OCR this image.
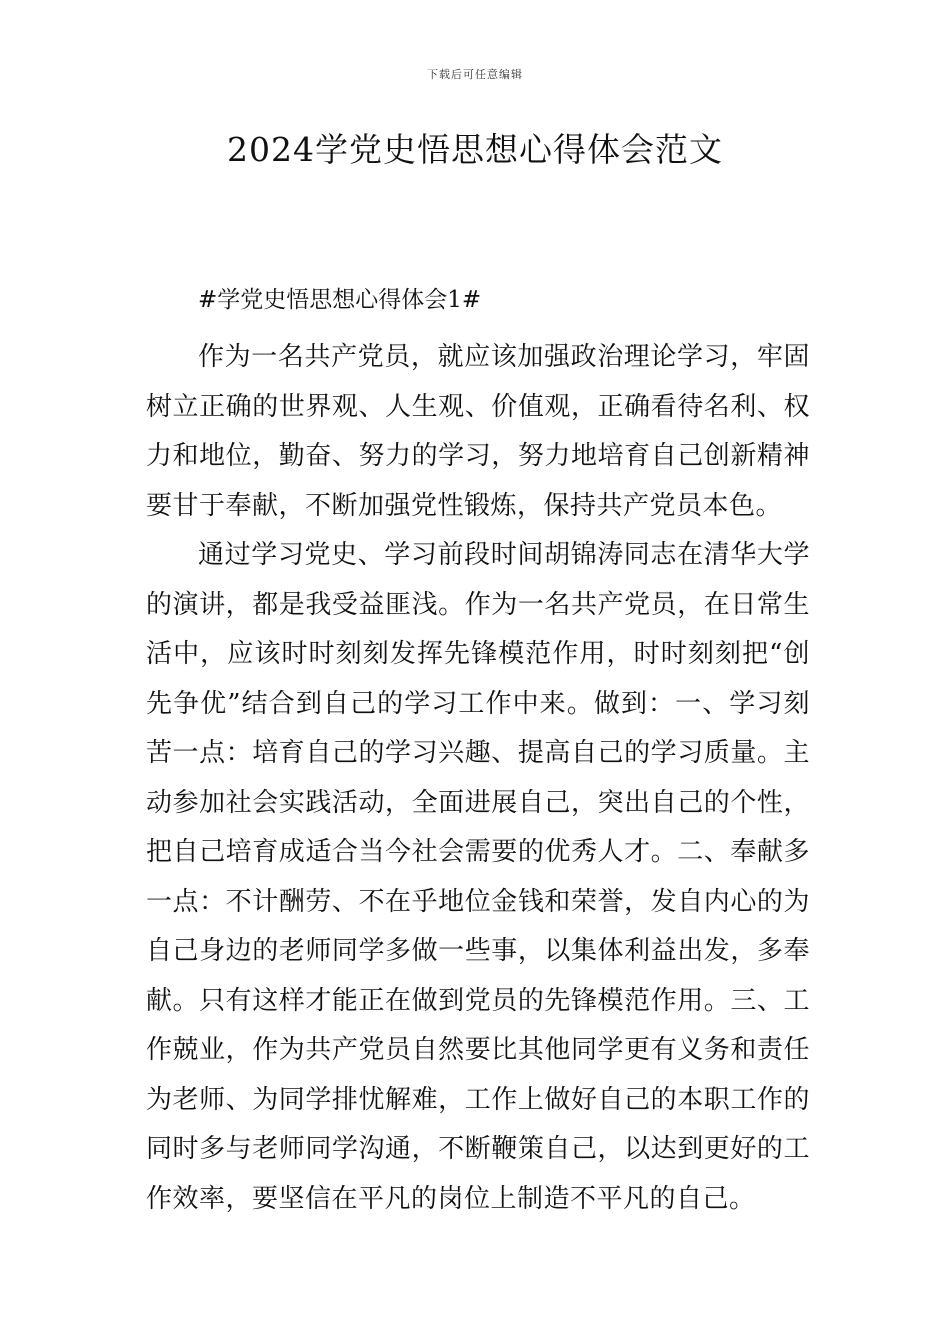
下载后可任意编辑
2024学党史悟思想心得体会范文
#学党史悟思想心得体会1#
作为一名共产党员，就应该加强政治理论学习，牢固
树立正确的世界观、人生观、价值观，正确看待名利、权
力和地位，勤奋、努力的学习，努力地培育自己创新精神
要甘于奉献，不断加强党性锻炼，保持共产党员本色。
通过学习党史、学习前段时间胡锦涛同志在清华大学
的演讲，都是我受益匪浅。作为一名共产党员，在日常生
活中，应该时时刻刻发挥先锋模范作用，时时刻刻把“创
先争优”结合到自己的学习工作中来。做到：一、学习刻
苦一点：培育自己的学习兴趣、提高自己的学习质量。主
动参加社会实践活动，全面进展自己，突出自己的个性，
把自己培育成适合当今社会需要的优秀人才。二、奉献多
一点：不计酬劳、不在乎地位金钱和荣誉，发自内心的为
自己身边的老师同学多做一些事，以集体利益出发，多奉
献。只有这样才能正在做到党员的先锋模范作用。三、工
作兢业，作为共产党员自然要比其他同学更有义务和责任
为老师、为同学排忧解难，工作上做好自己的本职工作的
同时多与老师同学沟通，不断鞭策自己，以达到更好的工
作效率，要坚信在平凡的岗位上制造不平凡的自己。
